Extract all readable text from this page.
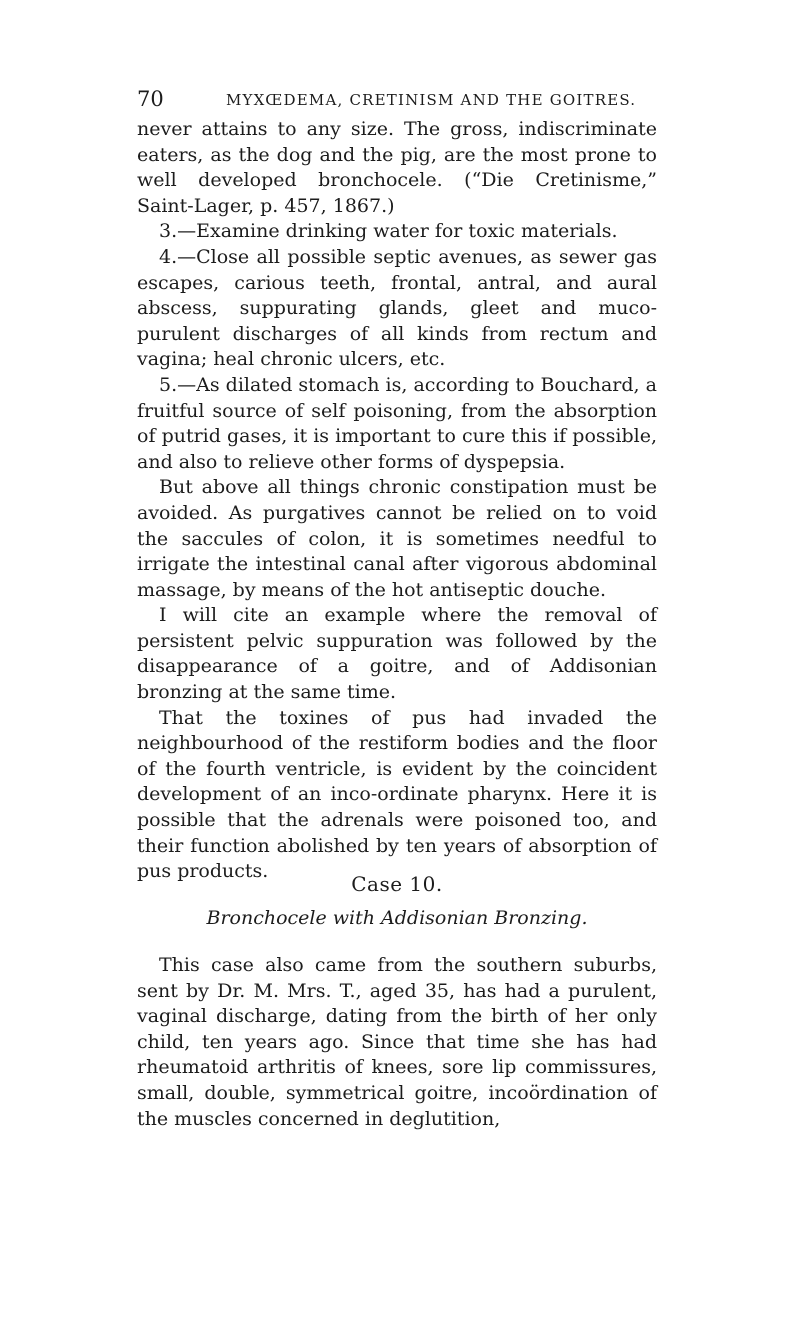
70	MYXŒDEMA, CRETINISM AND THE GOITRES.

never attains to any size. The gross, indiscriminate eaters, as the dog and the pig, are the most prone to well developed bronchocele. (“Die Cretinisme,” Saint-Lager, p. 457, 1867.)

3.—Examine drinking water for toxic materials.

4.—Close all possible septic avenues, as sewer gas escapes, carious teeth, frontal, antral, and aural abscess, suppurating glands, gleet and muco-purulent discharges of all kinds from rectum and vagina; heal chronic ulcers, etc.

5.—As dilated stomach is, according to Bouchard, a fruitful source of self poisoning, from the absorption of putrid gases, it is important to cure this if possible, and also to relieve other forms of dyspepsia.

But above all things chronic constipation must be avoided. As purgatives cannot be relied on to void the saccules of colon, it is sometimes needful to irrigate the intestinal canal after vigorous abdominal massage, by means of the hot antiseptic douche.

I will cite an example where the removal of persistent pelvic suppuration was followed by the disappearance of a goitre, and of Addisonian bronzing at the same time.

That the toxines of pus had invaded the neighbourhood of the restiform bodies and the floor of the fourth ventricle, is evident by the coincident development of an inco-ordinate pharynx. Here it is possible that the adrenals were poisoned too, and their function abolished by ten years of absorption of pus products.

Case 10.
Bronchocele with Addisonian Bronzing.

This case also came from the southern suburbs, sent by Dr. M. Mrs. T., aged 35, has had a purulent, vaginal discharge, dating from the birth of her only child, ten years ago. Since that time she has had rheumatoid arthritis of knees, sore lip commissures, small, double, symmetrical goitre, incoördination of the muscles concerned in deglutition,
